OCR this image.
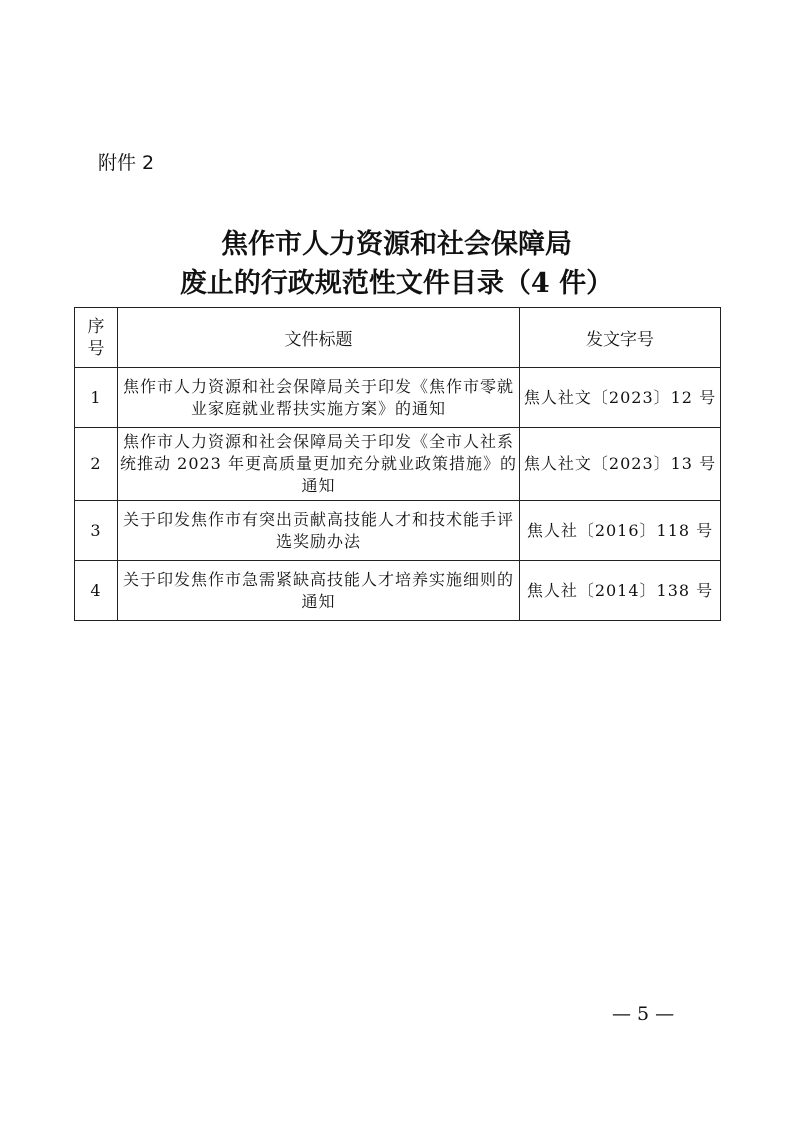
附件 2
焦作市人力资源和社会保障局
废止的行政规范性文件目录（4 件）
序
号	文件标题	发文字号
1	焦作市人力资源和社会保障局关于印发《焦作市零就业家庭就业帮扶实施方案》的通知	焦人社文〔2023〕12 号
2	焦作市人力资源和社会保障局关于印发《全市人社系统推动 2023 年更高质量更加充分就业政策措施》的通知	焦人社文〔2023〕13 号
3	关于印发焦作市有突出贡献高技能人才和技术能手评选奖励办法	焦人社〔2016〕118 号
4	关于印发焦作市急需紧缺高技能人才培养实施细则的通知	焦人社〔2014〕138 号
— 5 —
